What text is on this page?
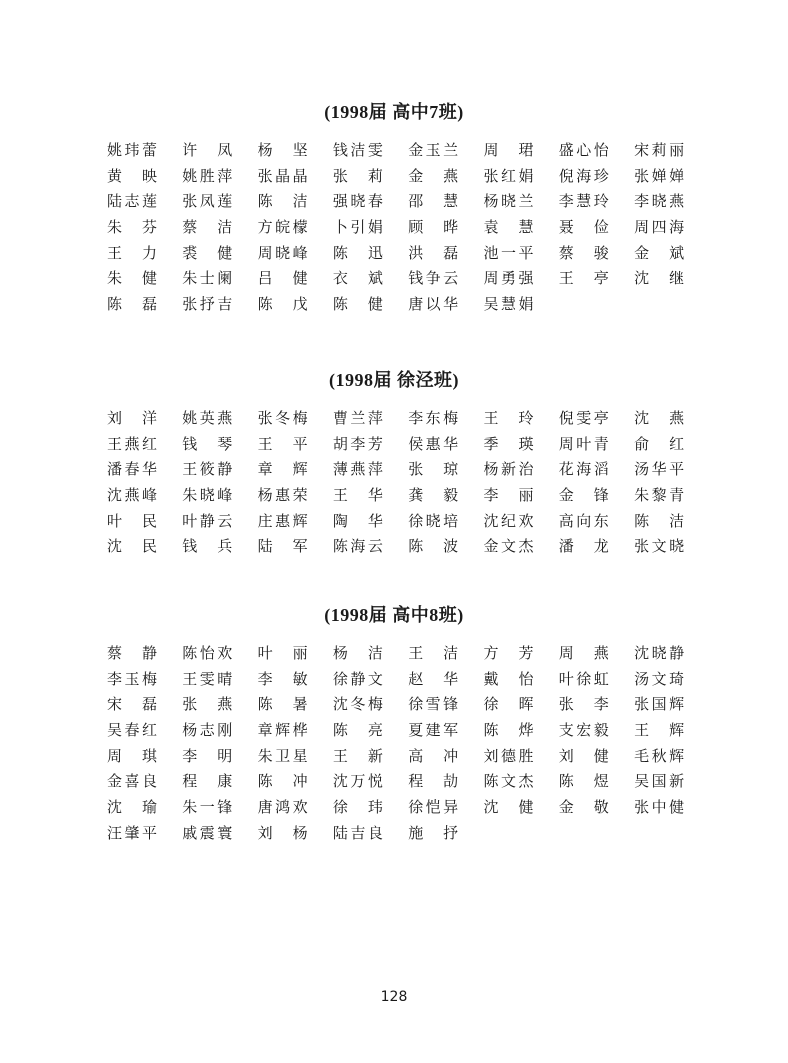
(1998届 高中7班)
姚 玮 蕾 许 凤 杨 坚 钱 洁 雯 金 玉 兰 周 珺 盛 心 怡 宋 莉 丽
黄 映 姚 胜 萍 张 晶 晶 张 莉 金 燕 张 红 娟 倪 海 珍 张 婵 婵
陆 志 莲 张 凤 莲 陈 洁 强 晓 春 邵 慧 杨 晓 兰 李 慧 玲 李 晓 燕
朱 芬 蔡 洁 方 皖 檬 卜 引 娟 顾 晔 袁 慧 聂 俭 周 四 海
王 力 裘 健 周 晓 峰 陈 迅 洪 磊 池 一 平 蔡 骏 金 斌
朱 健 朱 士 阑 吕 健 衣 斌 钱 争 云 周 勇 强 王 亭 沈 继
陈 磊 张 抒 吉 陈 戊 陈 健 唐 以 华 吴 慧 娟
(1998届 徐泾班)
刘 洋 姚 英 燕 张 冬 梅 曹 兰 萍 李 东 梅 王 玲 倪 雯 亭 沈 燕
王 燕 红 钱 琴 王 平 胡 李 芳 侯 惠 华 季 瑛 周 叶 青 俞 红
潘 春 华 王 筱 静 章 辉 薄 燕 萍 张 琼 杨 新 治 花 海 滔 汤 华 平
沈 燕 峰 朱 晓 峰 杨 惠 荣 王 华 龚 毅 李 丽 金 锋 朱 黎 青
叶 民 叶 静 云 庄 惠 辉 陶 华 徐 晓 培 沈 纪 欢 高 向 东 陈 洁
沈 民 钱 兵 陆 军 陈 海 云 陈 波 金 文 杰 潘 龙 张 文 晓
(1998届 高中8班)
蔡 静 陈 怡 欢 叶 丽 杨 洁 王 洁 方 芳 周 燕 沈 晓 静
李 玉 梅 王 雯 晴 李 敏 徐 静 文 赵 华 戴 怡 叶 徐 虹 汤 文 琦
宋 磊 张 燕 陈 暑 沈 冬 梅 徐 雪 锋 徐 晖 张 李 张 国 辉
吴 春 红 杨 志 刚 章 辉 桦 陈 亮 夏 建 军 陈 烨 支 宏 毅 王 辉
周 琪 李 明 朱 卫 星 王 新 高 冲 刘 德 胜 刘 健 毛 秋 辉
金 喜 良 程 康 陈 冲 沈 万 悦 程 劼 陈 文 杰 陈 煜 吴 国 新
沈 瑜 朱 一 锋 唐 鸿 欢 徐 玮 徐 恺 异 沈 健 金 敬 张 中 健
汪 肇 平 戚 震 寰 刘 杨 陆 吉 良 施 抒
128
